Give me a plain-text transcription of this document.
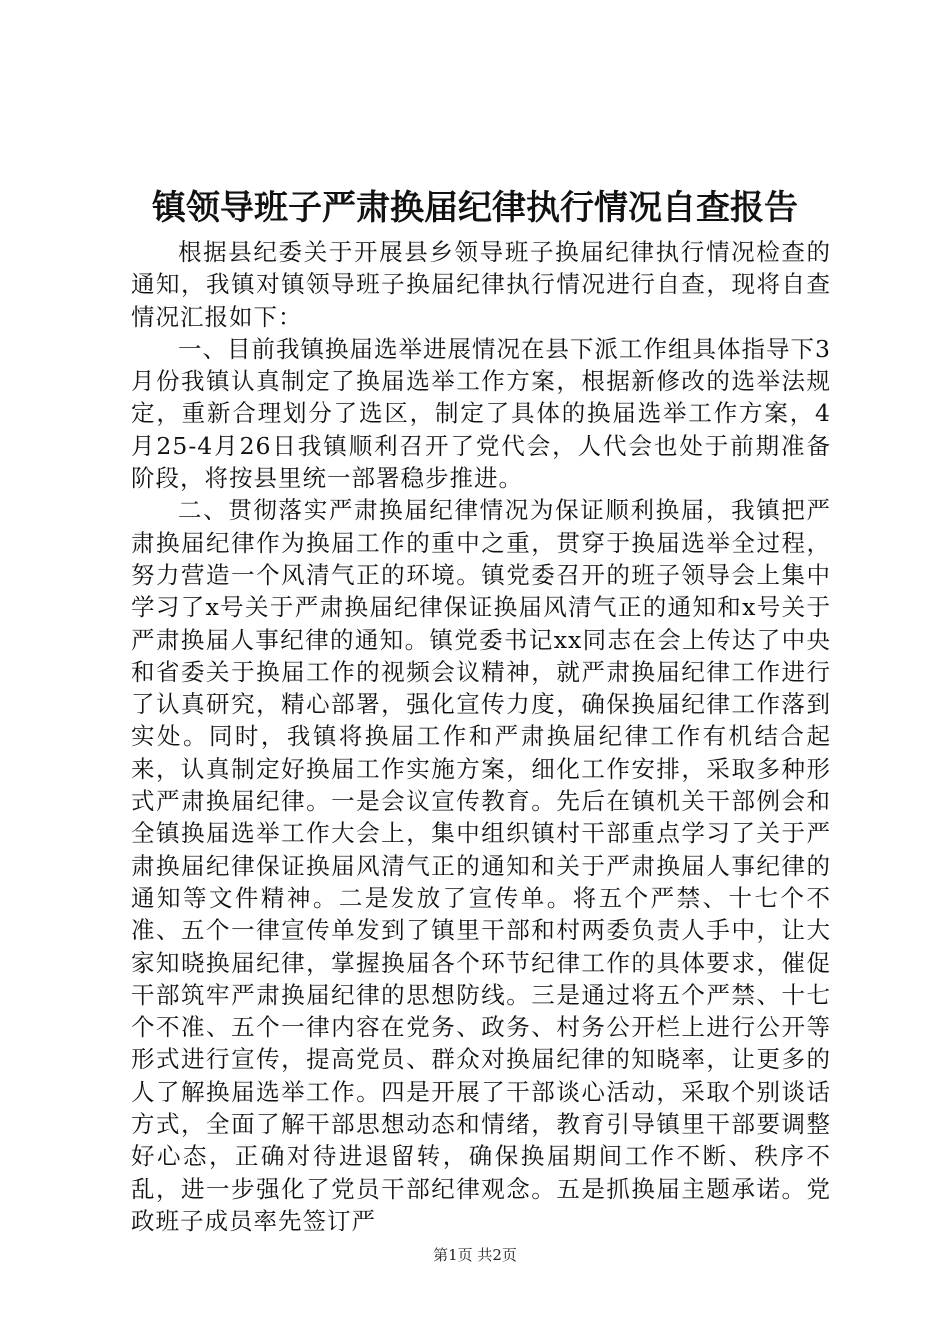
镇领导班子严肃换届纪律执行情况自查报告

根据县纪委关于开展县乡领导班子换届纪律执行情况检查的通知，我镇对镇领导班子换届纪律执行情况进行自查，现将自查情况汇报如下：

一、目前我镇换届选举进展情况在县下派工作组具体指导下3月份我镇认真制定了换届选举工作方案，根据新修改的选举法规定，重新合理划分了选区，制定了具体的换届选举工作方案，4月25-4月26日我镇顺利召开了党代会，人代会也处于前期准备阶段，将按县里统一部署稳步推进。

二、贯彻落实严肃换届纪律情况为保证顺利换届，我镇把严肃换届纪律作为换届工作的重中之重，贯穿于换届选举全过程，努力营造一个风清气正的环境。镇党委召开的班子领导会上集中学习了x号关于严肃换届纪律保证换届风清气正的通知和x号关于严肃换届人事纪律的通知。镇党委书记xx同志在会上传达了中央和省委关于换届工作的视频会议精神，就严肃换届纪律工作进行了认真研究，精心部署，强化宣传力度，确保换届纪律工作落到实处。同时，我镇将换届工作和严肃换届纪律工作有机结合起来，认真制定好换届工作实施方案，细化工作安排，采取多种形式严肃换届纪律。一是会议宣传教育。先后在镇机关干部例会和全镇换届选举工作大会上，集中组织镇村干部重点学习了关于严肃换届纪律保证换届风清气正的通知和关于严肃换届人事纪律的通知等文件精神。二是发放了宣传单。将五个严禁、十七个不准、五个一律宣传单发到了镇里干部和村两委负责人手中，让大家知晓换届纪律，掌握换届各个环节纪律工作的具体要求，催促干部筑牢严肃换届纪律的思想防线。三是通过将五个严禁、十七个不准、五个一律内容在党务、政务、村务公开栏上进行公开等形式进行宣传，提高党员、群众对换届纪律的知晓率，让更多的人了解换届选举工作。四是开展了干部谈心活动，采取个别谈话方式，全面了解干部思想动态和情绪，教育引导镇里干部要调整好心态，正确对待进退留转，确保换届期间工作不断、秩序不乱，进一步强化了党员干部纪律观念。五是抓换届主题承诺。党政班子成员率先签订严

第1页 共2页
